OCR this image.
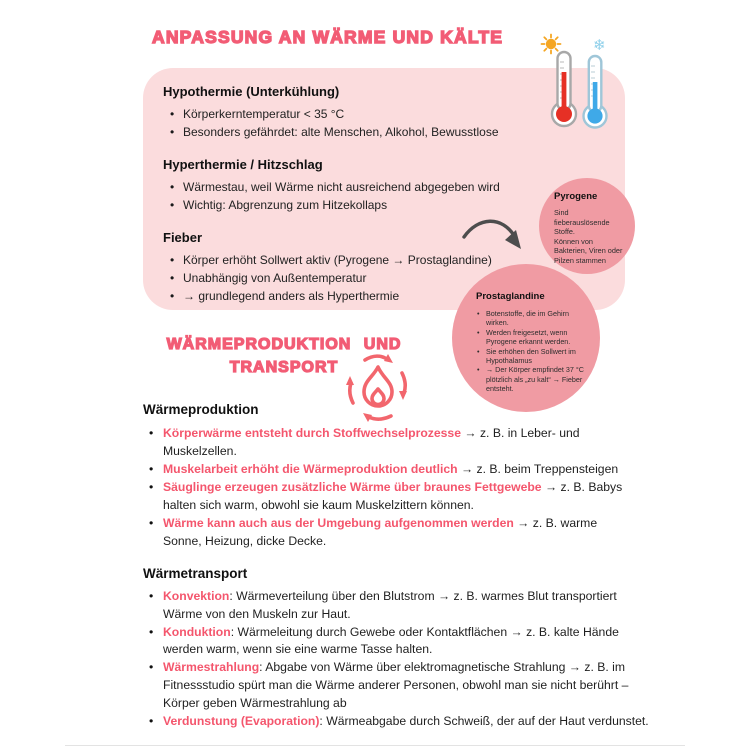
ANPASSUNG AN WÄRME UND KÄLTE	❄
Hypothermie (Unterkühlung)
• Körperkerntemperatur < 35 °C
• Besonders gefährdet: alte Menschen, Alkohol, Bewusstlose
Hyperthermie / Hitzschlag
• Wärmestau, weil Wärme nicht ausreichend abgegeben wird
• Wichtig: Abgrenzung zum Hitzekollaps
Fieber
• Körper erhöht Sollwert aktiv (Pyrogene → Prostaglandine)
• Unabhängig von Außentemperatur
• → grundlegend anders als Hyperthermie
Pyrogene

Sind fieberauslösende Stoffe.

Können von Bakterien, Viren oder Pilzen stammen

Prostaglandine
• Botenstoffe, die im Gehirn wirken.
• Werden freigesetzt, wenn Pyrogene erkannt werden.
• Sie erhöhen den Sollwert im Hypothalamus
• → Der Körper empfindet 37 °C plötzlich als „zu kalt“ → Fieber entsteht.
WÄRMEPRODUKTION UND
TRANSPORT
Wärmeproduktion
• Körperwärme entsteht durch Stoffwechselprozesse → z. B. in Leber- und Muskelzellen.
• Muskelarbeit erhöht die Wärmeproduktion deutlich → z. B. beim Treppensteigen
• Säuglinge erzeugen zusätzliche Wärme über braunes Fettgewebe → z. B. Babys halten sich warm, obwohl sie kaum Muskelzittern können.
• Wärme kann auch aus der Umgebung aufgenommen werden → z. B. warme Sonne, Heizung, dicke Decke.
Wärmetransport
• Konvektion: Wärmeverteilung über den Blutstrom → z. B. warmes Blut transportiert Wärme von den Muskeln zur Haut.
• Konduktion: Wärmeleitung durch Gewebe oder Kontaktflächen → z. B. kalte Hände werden warm, wenn sie eine warme Tasse halten.
• Wärmestrahlung: Abgabe von Wärme über elektromagnetische Strahlung → z. B. im Fitnessstudio spürt man die Wärme anderer Personen, obwohl man sie nicht berührt – Körper geben Wärmestrahlung ab
• Verdunstung (Evaporation): Wärmeabgabe durch Schweiß, der auf der Haut verdunstet.
